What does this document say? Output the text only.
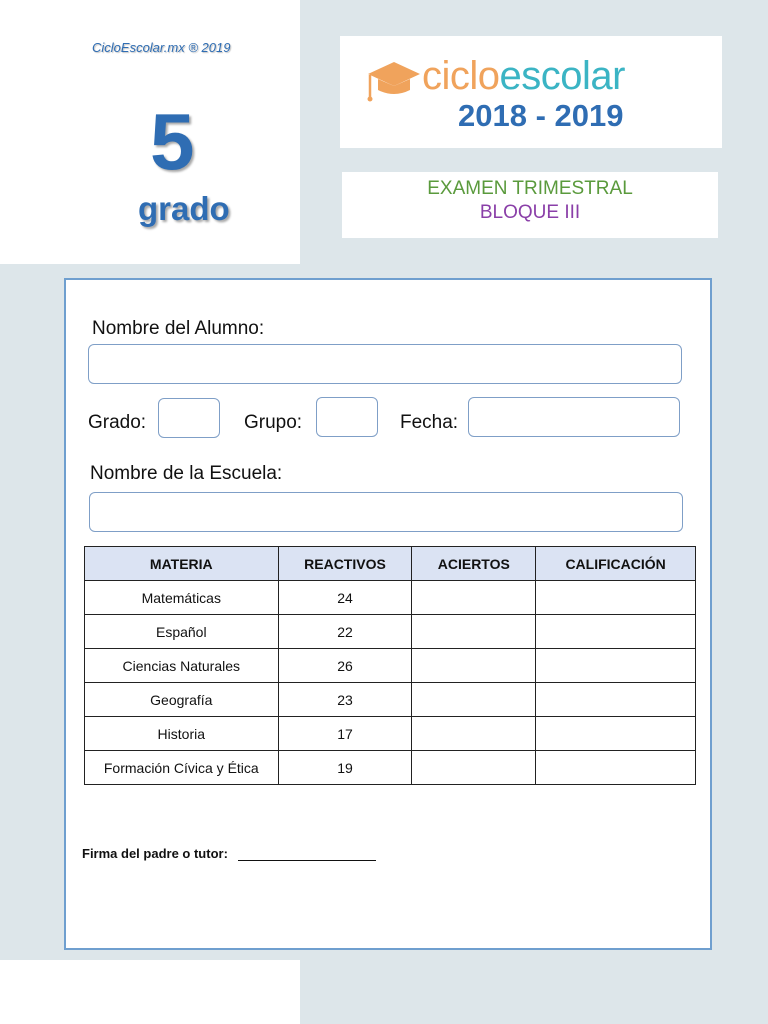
CicloEscolar.mx ® 2019
5
grado
cicloescolar
2018 - 2019
EXAMEN TRIMESTRAL
BLOQUE III
Nombre del Alumno:
Grado:	Grupo:	Fecha:
Nombre de la Escuela:
MATERIA	REACTIVOS	ACIERTOS	CALIFICACIÓN
Matemáticas	24		
Español	22		
Ciencias Naturales	26		
Geografía	23		
Historia	17		
Formación Cívica y Ética	19		
Firma del padre o tutor:
